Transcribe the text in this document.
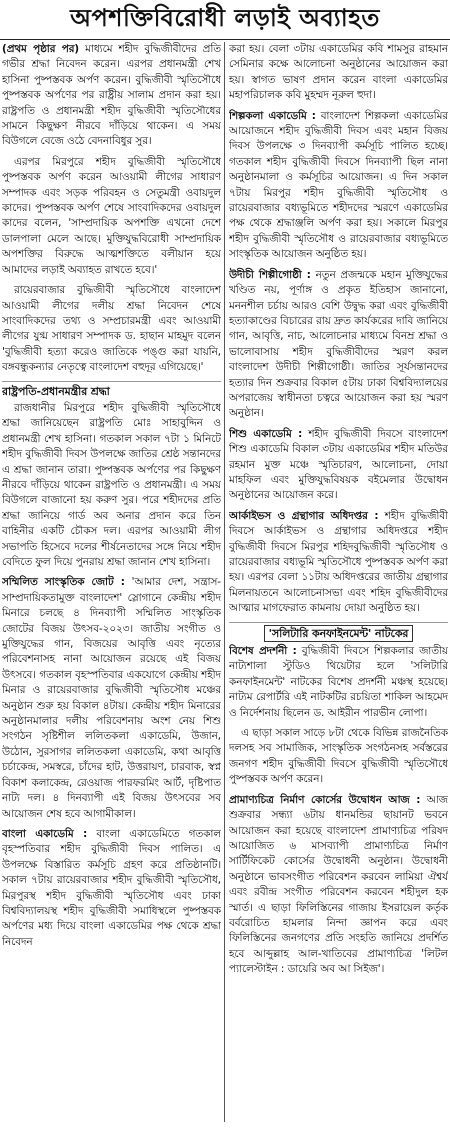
অপশক্তিবিরোধী লড়াই অব্যাহত

(প্রথম পৃষ্ঠার পর) মাধ্যমে শহীদ বুদ্ধিজীবীদের প্রতি গভীর শ্রদ্ধা নিবেদন করেন। এরপর প্রধানমন্ত্রী শেখ হাসিনা পুষ্পস্তবক অর্পণ করেন। বুদ্ধিজীবী স্মৃতিসৌধে পুষ্পস্তবক অর্পণের পর রাষ্ট্রীয় সালাম প্রদান করা হয়। রাষ্ট্রপতি ও প্রধানমন্ত্রী শহীদ বুদ্ধিজীবী স্মৃতিসৌধের সামনে কিছুক্ষণ নীরবে দাঁড়িয়ে থাকেন। এ সময় বিউগলে বেজে ওঠে বেদনাবিধুর সুর।

এরপর মিরপুরে শহীদ বুদ্ধিজীবী স্মৃতিসৌধে পুষ্পস্তবক অর্পণ করেন আওয়ামী লীগের সাধারণ সম্পাদক এবং সড়ক পরিবহন ও সেতুমন্ত্রী ওবায়দুল কাদের। পুষ্পস্তবক অর্পণ শেষে সাংবাদিকদের ওবায়দুল কাদের বলেন, 'সাম্প্রদায়িক অপশক্তি এখনো দেশে ডালপালা মেলে আছে। মুক্তিযুদ্ধবিরোধী সাম্প্রদায়িক অপশক্তির বিরুদ্ধে আত্মশক্তিতে বলীয়ান হয়ে আমাদের লড়াই অব্যাহত রাখতে হবে।'

রায়েরবাজার বুদ্ধিজীবী স্মৃতিসৌধে বাংলাদেশ আওয়ামী লীগের দলীয় শ্রদ্ধা নিবেদন শেষে সাংবাদিকদের তথ্য ও সম্প্রচারমন্ত্রী এবং আওয়ামী লীগের যুগ্ম সাধারণ সম্পাদক ড. হাছান মাহমুদ বলেন 'বুদ্ধিজীবী হত্যা করেও জাতিকে পঙ্গু করা যায়নি, বঙ্গবন্ধুকন্যার নেতৃত্বে বাংলাদেশ বহুদূর এগিয়েছে।'

রাষ্ট্রপতি-প্রধানমন্ত্রীর শ্রদ্ধা

রাজধানীর মিরপুরে শহীদ বুদ্ধিজীবী স্মৃতিসৌধে শ্রদ্ধা জানিয়েছেন রাষ্ট্রপতি মোঃ সাহাবুদ্দিন ও প্রধানমন্ত্রী শেখ হাসিনা। গতকাল সকাল ৭টা ১ মিনিটে শহীদ বুদ্ধিজীবী দিবস উপলক্ষে জাতির শ্রেষ্ঠ সন্তানদের এ শ্রদ্ধা জানান তারা। পুষ্পস্তবক অর্পণের পর কিছুক্ষণ নীরবে দাঁড়িয়ে থাকেন রাষ্ট্রপতি ও প্রধানমন্ত্রী। এ সময় বিউগলে বাজানো হয় করুণ সুর। পরে শহীদদের প্রতি শ্রদ্ধা জানিয়ে গার্ড অব অনার প্রদান করে তিন বাহিনীর একটি চৌকস দল। এরপর আওয়ামী লীগ সভাপতি হিসেবে দলের শীর্ষনেতাদের সঙ্গে নিয়ে শহীদ বেদিতে ফুল দিয়ে পুনরায় শ্রদ্ধা জানান শেখ হাসিনা।

সম্মিলিত সাংস্কৃতিক জোট : 'আমার দেশ, সন্ত্রাস-সাম্প্রদায়িকতামুক্ত বাংলাদেশ' স্লোগানে কেন্দ্রীয় শহীদ মিনারে চলছে ৪ দিনব্যাপী সম্মিলিত সাংস্কৃতিক জোটের বিজয় উৎসব-২০২৩। জাতীয় সংগীত ও মুক্তিযুদ্ধের গান, বিজয়ের আবৃত্তি এবং নৃত্যের পরিবেশনাসহ নানা আয়োজন রয়েছে এই বিজয় উৎসবে। গতকাল বৃহস্পতিবার একযোগে কেন্দ্রীয় শহীদ মিনার ও রায়েরবাজার বুদ্ধিজীবী স্মৃতিসৌধ মঞ্চের অনুষ্ঠান শুরু হয় বিকাল ৪টায়। কেন্দ্রীয় শহীদ মিনারের অনুষ্ঠানমালার দলীয় পরিবেশনায় অংশ নেয় শিশু সংগঠন সৃষ্টিশীল ললিতকলা একাডেমি, উজান, উঠোন, সুরসাগর ললিতকলা একাডেমি, কথা আবৃত্তি চর্চাকেন্দ্র, সমস্বরে, চাঁদের হাট, উত্তরায়ণ, চারবাক, স্বপ্ন বিকাশ কলাকেন্দ্র, রেওয়াজ পারফরমিং আর্ট, দৃষ্টিপাত নাট্য দল। ৪ দিনব্যাপী এই বিজয় উৎসবের সব আয়োজন শেষ হবে আগামীকাল।

বাংলা একাডেমি : বাংলা একাডেমিতে গতকাল বৃহস্পতিবার শহীদ বুদ্ধিজীবী দিবস পালিত। এ উপলক্ষে বিস্তারিত কর্মসূচি গ্রহণ করে প্রতিষ্ঠানটি। সকাল ৭টায় রায়েরবাজার শহীদ বুদ্ধিজীবী স্মৃতিসৌধ, মিরপুরস্থ শহীদ বুদ্ধিজীবী স্মৃতিসৌধ এবং ঢাকা বিশ্ববিদ্যালয়স্থ শহীদ বুদ্ধিজীবী সমাধিস্থলে পুষ্পস্তবক অর্পণের মধ্য দিয়ে বাংলা একাডেমির পক্ষ থেকে শ্রদ্ধা নিবেদন

করা হয়। বেলা ৩টায় একাডেমির কবি শামসুর রাহমান সেমিনার কক্ষে আলোচনা অনুষ্ঠানের আয়োজন করা হয়। স্বাগত ভাষণ প্রদান করেন বাংলা একাডেমির মহাপরিচালক কবি মুহম্মদ নূরুল হুদা।

শিল্পকলা একাডেমি : বাংলাদেশ শিল্পকলা একাডেমির আয়োজনে শহীদ বুদ্ধিজীবী দিবস এবং মহান বিজয় দিবস উপলক্ষে ৩ দিনব্যাপী কর্মসূচি পালিত হচ্ছে। গতকাল শহীদ বুদ্ধিজীবী দিবসে দিনব্যাপী ছিল নানা অনুষ্ঠানমালা ও কর্মসূচির আয়োজন। এ দিন সকাল ৭টায় মিরপুর শহীদ বুদ্ধিজীবী স্মৃতিসৌধ ও রায়েরবাজার বধ্যভূমিতে শহীদদের স্মরণে একাডেমির পক্ষ থেকে শ্রদ্ধাঞ্জলি অর্পণ করা হয়। সকালে মিরপুর শহীদ বুদ্ধিজীবী স্মৃতিসৌধ ও রায়েরবাজার বধ্যভূমিতে সাংস্কৃতিক আয়োজন অনুষ্ঠিত হয়।

উদীচী শিল্পীগোষ্ঠী : নতুন প্রজন্মকে মহান মুক্তিযুদ্ধের খণ্ডিত নয়, পূর্ণাঙ্গ ও প্রকৃত ইতিহাস জানানো, মননশীল চর্চায় আরও বেশি উদ্বুদ্ধ করা এবং বুদ্ধিজীবী হত্যাকাণ্ডের বিচারের রায় দ্রুত কার্যকরের দাবি জানিয়ে গান, আবৃত্তি, নাচ, আলোচনার মাধ্যমে বিনম্র শ্রদ্ধা ও ভালোবাসায় শহীদ বুদ্ধিজীবীদের স্মরণ করল বাংলাদেশ উদীচী শিল্পীগোষ্ঠী। জাতির সূর্যসন্তানদের হত্যার দিন শুক্রবার বিকাল ৫টায় ঢাকা বিশ্ববিদ্যালয়ের অপরাজেয় স্বাধীনতা চত্বরে আয়োজন করা হয় স্মরণ অনুষ্ঠান।

শিশু একাডেমি : শহীদ বুদ্ধিজীবী দিবসে বাংলাদেশ শিশু একাডেমি বিকাল ৩টায় একাডেমির শহীদ মতিউর রহমান মুক্ত মঞ্চে স্মৃতিচারণ, আলোচনা, দোয়া মাহফিল এবং মুক্তিযুদ্ধবিষয়ক বইমেলার উদ্বোধন অনুষ্ঠানের আয়োজন করে।

আর্কাইভস ও গ্রন্থাগার অধিদপ্তর : শহীদ বুদ্ধিজীবী দিবসে আর্কাইভস ও গ্রন্থাগার অধিদপ্তরে শহীদ বুদ্ধিজীবী দিবসে মিরপুর শহিদবুদ্ধিজীবী স্মৃতিসৌধ ও রায়েরবাজার বধ্যভূমি স্মৃতিসৌধে পুষ্পস্তবক অর্পণ করা হয়। এরপর বেলা ১১টায় অধিদপ্তরের জাতীয় গ্রন্থাগার মিলনায়তনে আলোচনাসভা এবং শহিদ বুদ্ধিজীবীদের আত্মার মাগফেরাত কামনায় দোয়া অনুষ্ঠিত হয়।

'সলিটারি কনফাইনমেন্ট' নাটকের

বিশেষ প্রদর্শনী : বুদ্ধিজীবী দিবসে শিল্পকলার জাতীয় নাট্যশালা স্টুডিও থিয়েটার হলে 'সলিটারি কনফাইনমেন্ট' নাটকের বিশেষ প্রদর্শনী মঞ্চস্থ হয়েছে। নাট্যম রেপার্টরি এই নাটকটির রচয়িতা শাকিল আহমেদ ও নির্দেশনায় ছিলেন ড. আইরীন পারভীন লোপা।

এ ছাড়া সকাল সাড়ে ৮টা থেকে বিভিন্ন রাজনৈতিক দলসহ সব সামাজিক, সাংস্কৃতিক সংগঠনসহ সর্বস্তরের জনগণ শহীদ বুদ্ধিজীবী দিবসে বুদ্ধিজীবী স্মৃতিসৌধে পুষ্পস্তবক অর্পণ করেন।

প্রামাণ্যচিত্র নির্মাণ কোর্সের উদ্বোধন আজ : আজ শুক্রবার সন্ধ্যা ৬টায় ধানমন্ডির ছায়ানট ভবনে আয়োজন করা হয়েছে বাংলাদেশ প্রামাণ্যচিত্র পরিষদ আয়োজিত ৬ মাসব্যাপী প্রামাণ্যচিত্র নির্মাণ সার্টিফিকেট কোর্সের উদ্বোধনী অনুষ্ঠান। উদ্বোধনী অনুষ্ঠানে ভাবসংগীত পরিবেশন করবেন লামিয়া ঐশ্বর্য এবং রবীন্দ্র সংগীত পরিবেশন করবেন শহীদুল হক স্মার্ত। এ ছাড়া ফিলিস্তিনের গাজায় ইসরায়েল কর্তৃক বর্বরোচিত হামলার নিন্দা জ্ঞাপন করে এবং ফিলিস্তিনের জনগণের প্রতি সংহতি জানিয়ে প্রদর্শিত হবে আব্দুল্লাহ আল-খাতিবের প্রামাণ্যচিত্র 'লিটল প্যালেস্টাইন : ডায়েরি অব আ সিইজ'।
